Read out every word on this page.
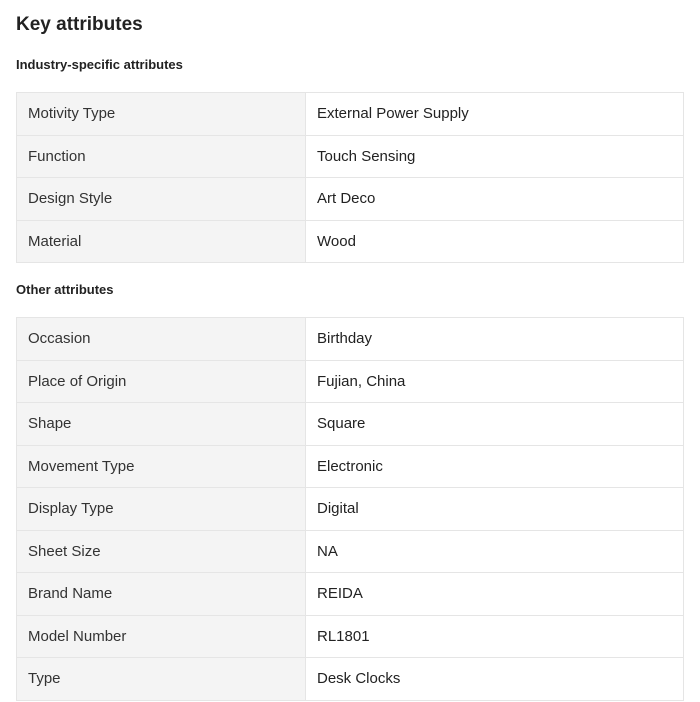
Key attributes
Industry-specific attributes
Motivity Type	External Power Supply
Function	Touch Sensing
Design Style	Art Deco
Material	Wood
Other attributes
Occasion	Birthday
Place of Origin	Fujian, China
Shape	Square
Movement Type	Electronic
Display Type	Digital
Sheet Size	NA
Brand Name	REIDA
Model Number	RL1801
Type	Desk Clocks
